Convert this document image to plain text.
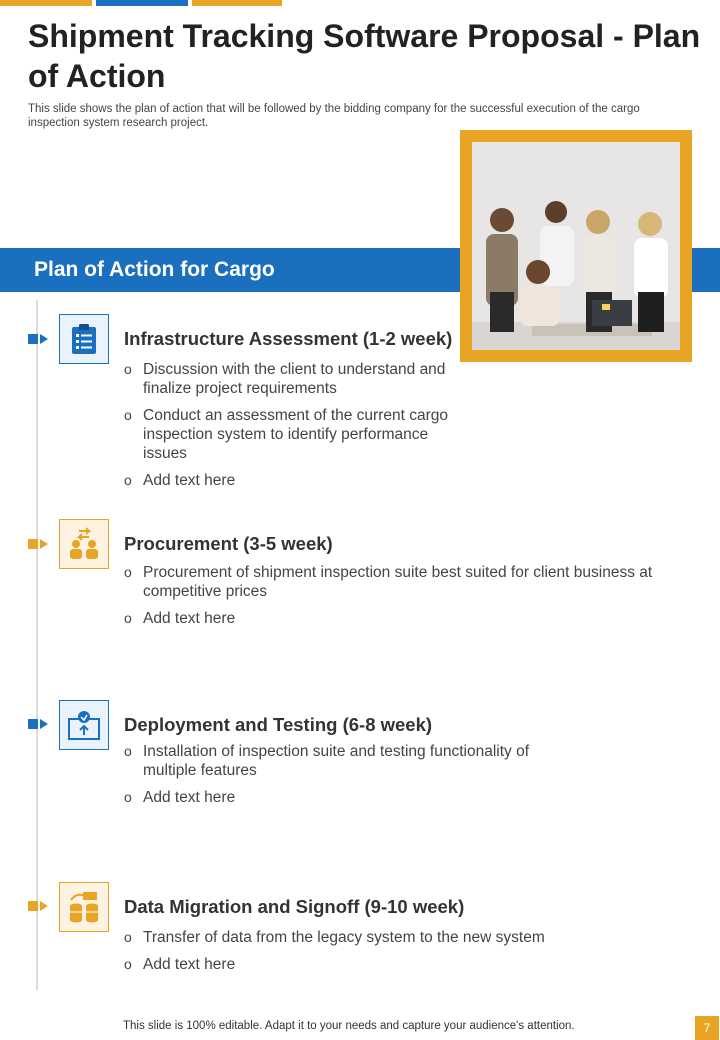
Shipment Tracking Software Proposal - Plan of Action

This slide shows the plan of action that will be followed by the bidding company for the successful execution of the cargo inspection system research project.

Plan of Action for Cargo
Infrastructure Assessment (1-2 week)
o Discussion with the client to understand and finalize project requirements
o Conduct an assessment of the current cargo inspection system to identify performance issues
o Add text here
Procurement (3-5 week)
o Procurement of shipment inspection suite best suited for client business at competitive prices
o Add text here
Deployment and Testing (6-8 week)
o Installation of inspection suite and testing functionality of multiple features
o Add text here
Data Migration and Signoff (9-10 week)
o Transfer of data from the legacy system to the new system
o Add text here
This slide is 100% editable. Adapt it to your needs and capture your audience's attention.	7
